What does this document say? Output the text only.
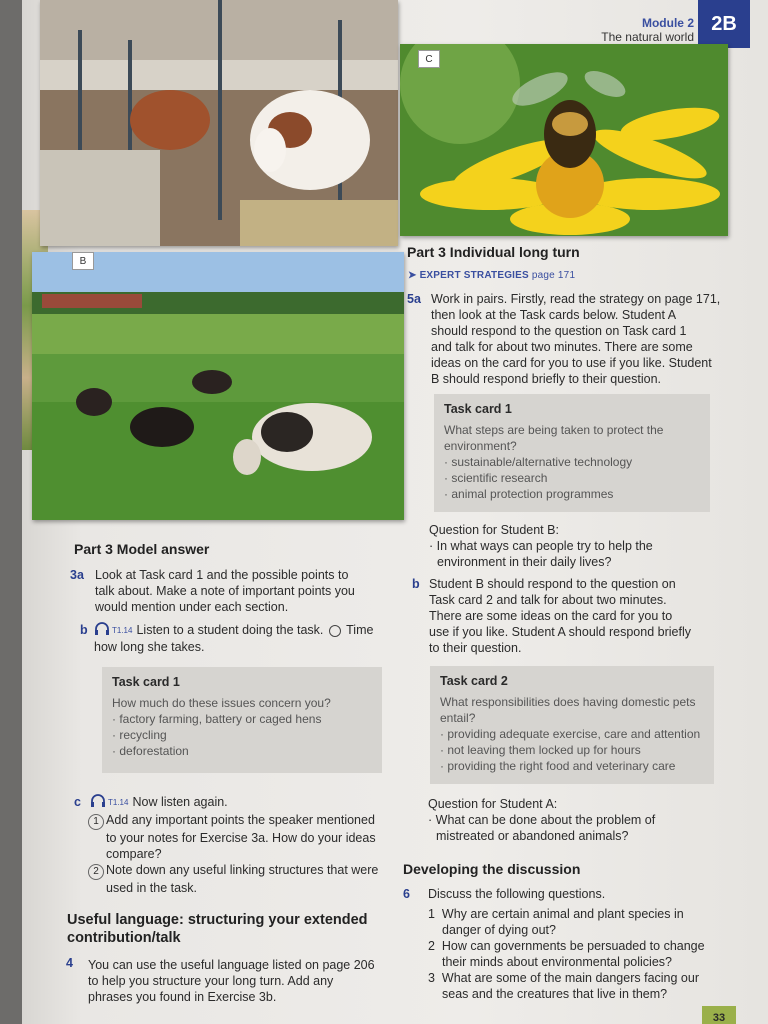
Module 2
The natural world
2B
B
C
Part 3 Individual long turn
➤ EXPERT STRATEGIES page 171
5a Work in pairs. Firstly, read the strategy on page 171,
then look at the Task cards below. Student A
should respond to the question on Task card 1
and talk for about two minutes. There are some
ideas on the card for you to use if you like. Student
B should respond briefly to their question.
Task card 1
What steps are being taken to protect the
environment?
· sustainable/alternative technology
· scientific research
· animal protection programmes
Question for Student B:
· In what ways can people try to help the
environment in their daily lives?
b Student B should respond to the question on
Task card 2 and talk for about two minutes.
There are some ideas on the card for you to
use if you like. Student A should respond briefly
to their question.
Task card 2
What responsibilities does having domestic pets
entail?
· providing adequate exercise, care and attention
· not leaving them locked up for hours
· providing the right food and veterinary care
Question for Student A:
· What can be done about the problem of
mistreated or abandoned animals?
Developing the discussion
6 Discuss the following questions.
1 Why are certain animal and plant species in
danger of dying out?
2 How can governments be persuaded to change
their minds about environmental policies?
3 What are some of the main dangers facing our
seas and the creatures that live in them?
Part 3 Model answer
3a Look at Task card 1 and the possible points to
talk about. Make a note of important points you
would mention under each section.
b	T1.14 Listen to a student doing the task. Time
how long she takes.
Task card 1
How much do these issues concern you?
· factory farming, battery or caged hens
· recycling
· deforestation
c	T1.14 Now listen again.
1 Add any important points the speaker mentioned
to your notes for Exercise 3a. How do your ideas
compare?
2 Note down any useful linking structures that were
used in the task.
Useful language: structuring your extended
contribution/talk
4 You can use the useful language listed on page 206
to help you structure your long turn. Add any
phrases you found in Exercise 3b.
33
